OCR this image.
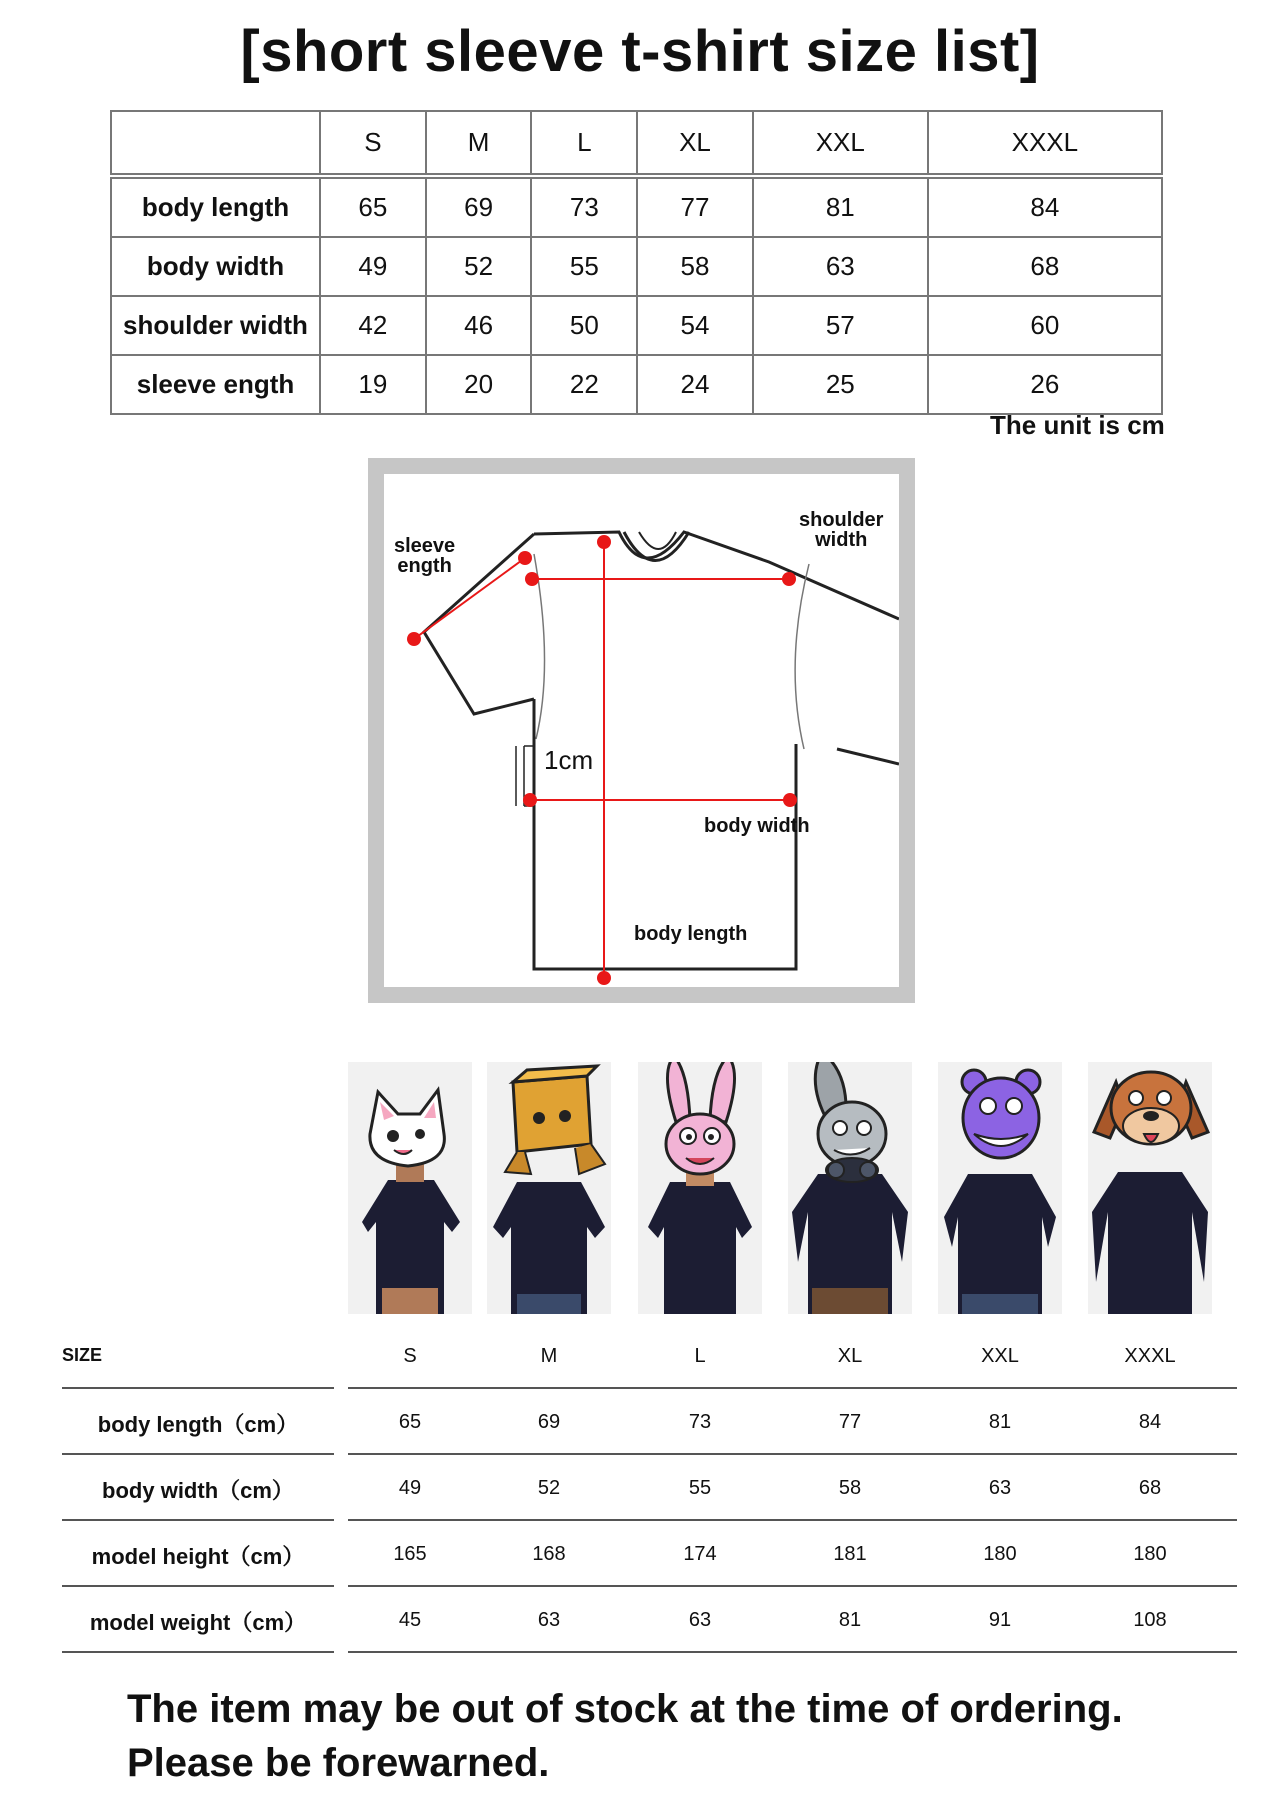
[short sleeve t-shirt size list]
	S	M	L	XL	XXL	XXXL
body length	65	69	73	77	81	84
body width	49	52	55	58	63	68
shoulder width	42	46	50	54	57	60
sleeve ength	19	20	22	24	25	26
The unit is cm
sleeve
ength
shoulder
width
1cm
body width
body length
SIZE	S	M	L	XL	XXL	XXXL
body length（cm）	65	69	73	77	81	84
body width（cm）	49	52	55	58	63	68
model height（cm）	165	168	174	181	180	180
model weight（cm）	45	63	63	81	91	108
The item may be out of stock at the time of ordering.
Please be forewarned.
